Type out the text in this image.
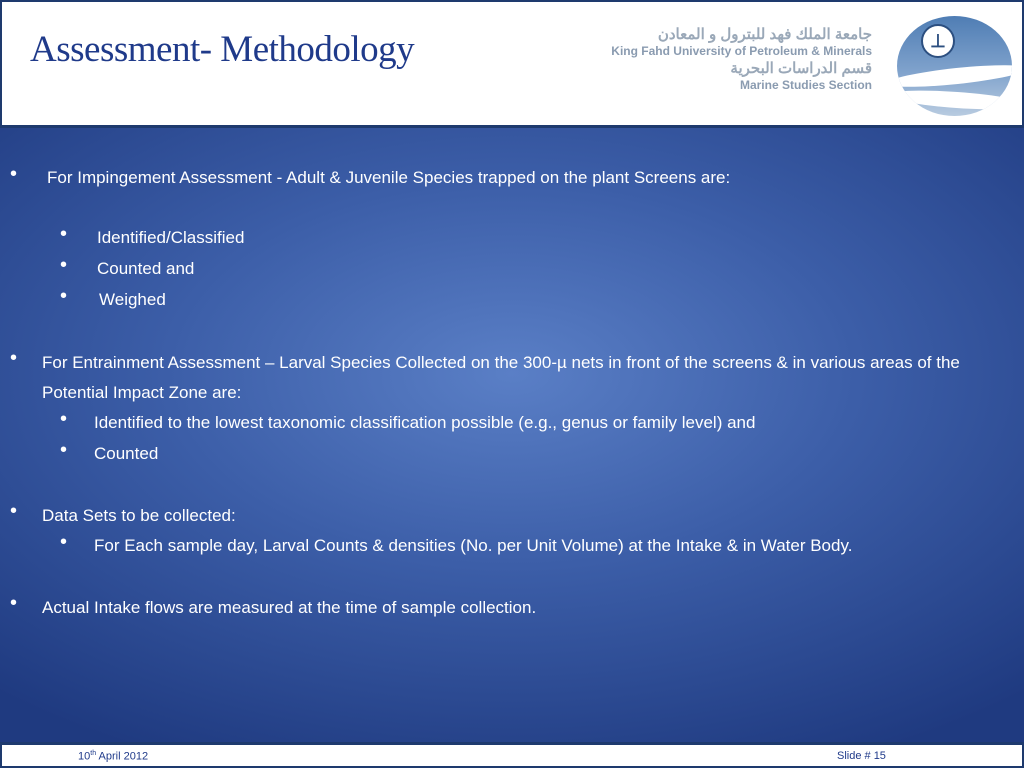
Assessment- Methodology	جامعة الملك فهد للبترول و المعادن
King Fahd University of Petroleum & Minerals
قسم الدراسات البحرية
Marine Studies Section
⊥
• For Impingement Assessment - Adult & Juvenile Species trapped on the plant Screens are:
• Identified/Classified
• Counted and
• Weighed
• For Entrainment Assessment – Larval Species Collected on the 300-µ nets in front of the screens & in various areas of the
Potential Impact Zone are:
• Identified to the lowest taxonomic classification possible (e.g., genus or family level) and
• Counted
• Data Sets to be collected:
• For Each sample day, Larval Counts & densities (No. per Unit Volume) at the Intake & in Water Body.
• Actual Intake flows are measured at the time of sample collection.
10th April 2012	Slide # 15
